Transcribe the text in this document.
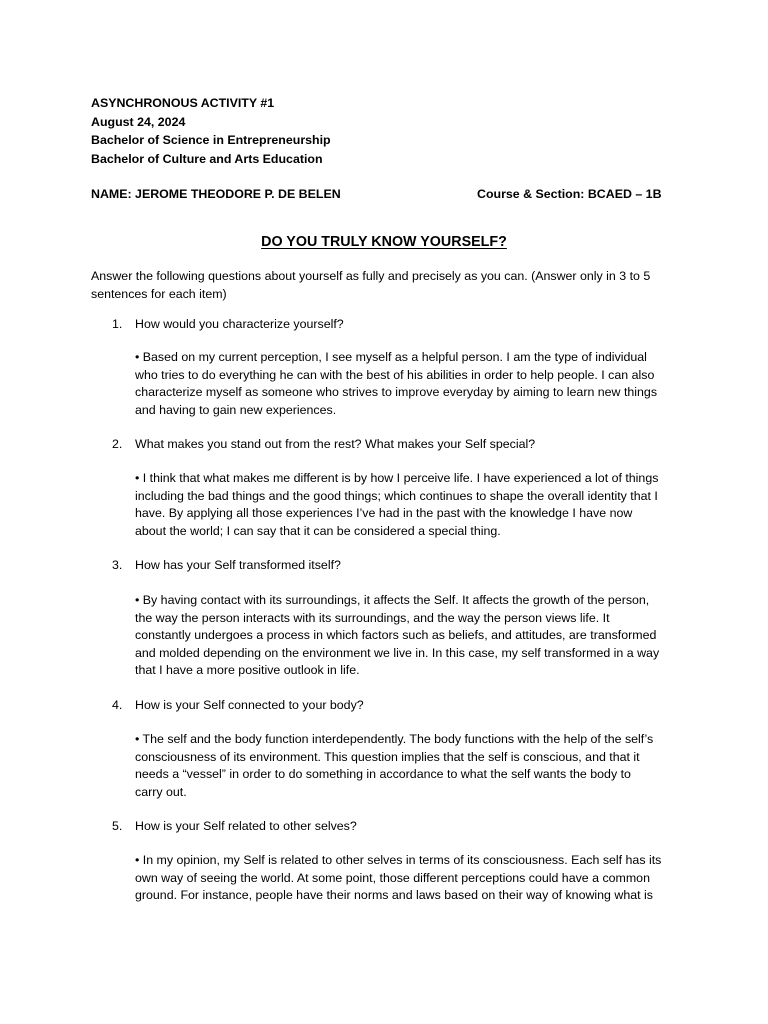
ASYNCHRONOUS ACTIVITY #1
August 24, 2024
Bachelor of Science in Entrepreneurship
Bachelor of Culture and Arts Education
NAME: JEROME THEODORE P. DE BELEN	Course & Section: BCAED – 1B
DO YOU TRULY KNOW YOURSELF?
Answer the following questions about yourself as fully and precisely as you can. (Answer only in 3 to 5 sentences for each item)
1. How would you characterize yourself?
• Based on my current perception, I see myself as a helpful person. I am the type of individual
who tries to do everything he can with the best of his abilities in order to help people. I can also
characterize myself as someone who strives to improve everyday by aiming to learn new things
and having to gain new experiences.
2. What makes you stand out from the rest? What makes your Self special?
• I think that what makes me different is by how I perceive life. I have experienced a lot of things
including the bad things and the good things; which continues to shape the overall identity that I
have. By applying all those experiences I’ve had in the past with the knowledge I have now
about the world; I can say that it can be considered a special thing.
3. How has your Self transformed itself?
• By having contact with its surroundings, it affects the Self. It affects the growth of the person,
the way the person interacts with its surroundings, and the way the person views life. It
constantly undergoes a process in which factors such as beliefs, and attitudes, are transformed
and molded depending on the environment we live in. In this case, my self transformed in a way
that I have a more positive outlook in life.
4. How is your Self connected to your body?
• The self and the body function interdependently. The body functions with the help of the self’s
consciousness of its environment. This question implies that the self is conscious, and that it
needs a “vessel” in order to do something in accordance to what the self wants the body to
carry out.
5. How is your Self related to other selves?
• In my opinion, my Self is related to other selves in terms of its consciousness. Each self has its
own way of seeing the world. At some point, those different perceptions could have a common
ground. For instance, people have their norms and laws based on their way of knowing what is
